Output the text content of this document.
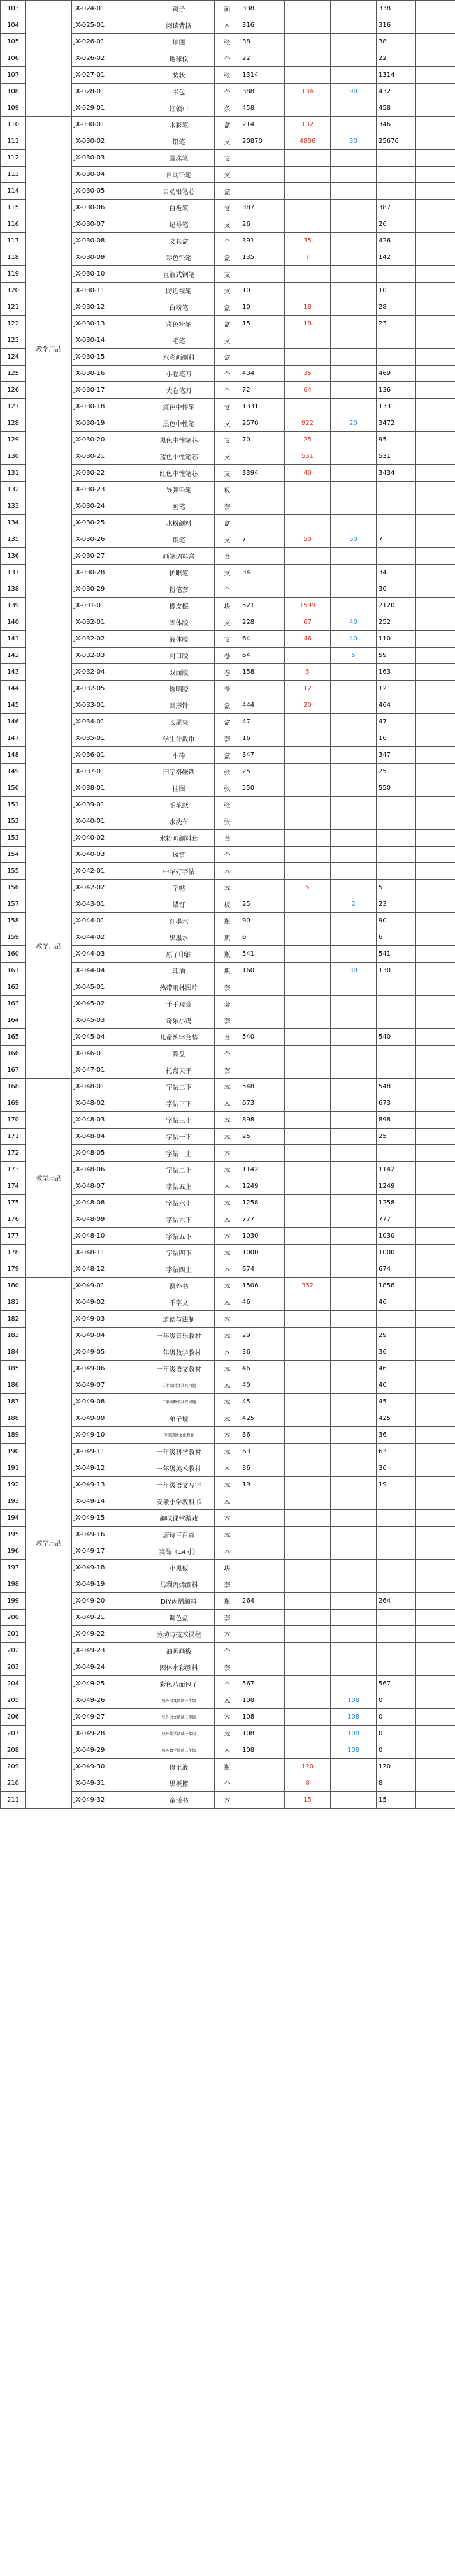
103		JX-024-01	镜子	面	338			338	
104		JX-025-01	阅读背挤	本	316			316	
105		JX-026-01	地图	张	38			38	
106		JX-026-02	地球仪	个	22			22	
107		JX-027-01	奖状	张	1314			1314	
108		JX-028-01	书包	个	388	134	90	432	
109		JX-029-01	红领巾	条	458			458	
110	教学用品	JX-030-01	水彩笔	盒	214	132		346	
111		JX-030-02	铅笔	支	20870	4806	30	25676	
112		JX-030-03	圆珠笔	支					
113		JX-030-04	自动铅笔	支					
114		JX-030-05	自动铅笔芯	盒					
115		JX-030-06	白板笔	支	387			387	
116		JX-030-07	记号笔	支	26			26	
117		JX-030-08	文具盒	个	391	35		426	
118		JX-030-09	彩色铅笔	盒	135	7		142	
119		JX-030-10	直液式钢笔	支					
120		JX-030-11	防近视笔	支	10			10	
121		JX-030-12	白粉笔	盒	10	18		28	
122		JX-030-13	彩色粉笔	盒	15	18		23	
123		JX-030-14	毛笔	支					
124		JX-030-15	水彩画颜料	盒					
125		JX-030-16	小卷笔刀	个	434	35		469	
126		JX-030-17	大卷笔刀	个	72	64		136	
127		JX-030-18	红色中性笔	支	1331			1331	
128		JX-030-19	黑色中性笔	支	2570	922	20	3472	
129		JX-030-20	黑色中性笔芯	支	70	25		95	
130		JX-030-21	蓝色中性笔芯	支		531		531	
131		JX-030-22	红色中性笔芯	支	3394	40		3434	
132		JX-030-23	导弹铅笔	板					
133		JX-030-24	画笔	套					
134		JX-030-25	水粉颜料	盒					
135		JX-030-26	钢笔	支	7	50	50	7	
136		JX-030-27	画笔调料盒	套					
137		JX-030-28	护眼笔	支	34			34	
138		JX-030-29	粉笔套	个				30	
139		JX-031-01	橡皮擦	块	521	1599		2120	
140		JX-032-01	固体胶	支	228	67	40	252	
141		JX-032-02	液体胶	支	64	46	40	110	
142		JX-032-03	封口胶	卷	64		5	59	
143		JX-032-04	双面胶	卷	158	5		163	
144		JX-032-05	透明胶	卷		12		12	
145		JX-033-01	回形针	盒	444	20		464	
146		JX-034-01	长尾夹	盒	47			47	
147		JX-035-01	学生计数币	套	16			16	
148		JX-036-01	小棒	盒	347			347	
149		JX-037-01	田字格磁铁	张	25			25	
150		JX-038-01	挂图	张	550			550	
151		JX-039-01	毛笔纸	张					
152	教学用品	JX-040-01	水洗布	张					
153		JX-040-02	水粉画颜料套	套					
154		JX-040-03	风筝	个					
155		JX-042-01	中华好字帖	本					
156		JX-042-02	字帖	本		5		5	
157		JX-043-01	蜡钉	板	25		2	23	
158		JX-044-01	红墨水	瓶	90			90	
159		JX-044-02	黑墨水	瓶	6			6	
160		JX-044-03	原子印油	瓶	541			541	
161		JX-044-04	印油	瓶	160		30	130	
162		JX-045-01	热带雨林图片	套					
163		JX-045-02	千手观音	套					
164		JX-045-03	奇乐小鸡	套					
165		JX-045-04	儿童练字套装	套	540			540	
166		JX-046-01	算盘	个					
167		JX-047-01	托盘天平	套					
168	教学用品	JX-048-01	字帖二下	本	548			548	
169		JX-048-02	字帖三下	本	673			673	
170		JX-048-03	字帖三上	本	898			898	
171		JX-048-04	字帖一下	本	25			25	
172		JX-048-05	字帖一上	本					
173		JX-048-06	字帖二上	本	1142			1142	
174		JX-048-07	字帖五上	本	1249			1249	
175		JX-048-08	字帖六上	本	1258			1258	
176		JX-048-09	字帖六下	本	777			777	
177		JX-048-10	字帖五下	本	1030			1030	
178		JX-048-11	字帖四下	本	1000			1000	
179		JX-048-12	字帖四上	本	674			674	
180	教学用品	JX-049-01	课外书	本	1506	352		1858	
181		JX-049-02	千字文	本	46			46	
182		JX-049-03	道德与法制	本					
183		JX-049-04	一年级音乐教材	本	29			29	
184		JX-049-05	一年级数学教材	本	36			36	
185		JX-049-06	一年级语文教材	本	46			46	
186		JX-049-07	二年级语文补充习题	本	40			40	
187		JX-049-08	三年级数学补充习题	本	45			45	
188		JX-049-09	弟子规	本	425			425	
189		JX-049-10	传统道德文化教育	本	36			36	
190		JX-049-11	一年级科学教材	本	63			63	
191		JX-049-12	一年级美术教材	本	36			36	
192		JX-049-13	一年级语文写字	本	19			19	
193		JX-049-14	安徽小学教科书	本					
194		JX-049-15	趣味课堂游戏	本					
195		JX-049-16	唐诗三百首	本					
196		JX-049-17	奖品（14寸）	本					
197		JX-049-18	小黑板	块					
198		JX-049-19	马利丙烯颜料	套					
199		JX-049-20	DIY丙烯颜料	瓶	264			264	
200		JX-049-21	调色盘	套					
201		JX-049-22	劳动与技术课程	本					
202		JX-049-23	油画画板	个					
203		JX-049-24	固体水彩颜料	套					
204		JX-049-25	彩色八面包子	个	567			567	
205		JX-049-26	校外语文阅读一年级	本	108		108	0	
206		JX-049-27	校外语文阅读二年级	本	108		108	0	
207		JX-049-28	校外数学阅读一年级	本	108		108	0	
208		JX-049-29	校外数学阅读二年级	本	108		108	0	
209		JX-049-30	修正液	瓶		120		120	
210		JX-049-31	黑板擦	个		8		8	
211		JX-049-32	童话书	本		15		15	
